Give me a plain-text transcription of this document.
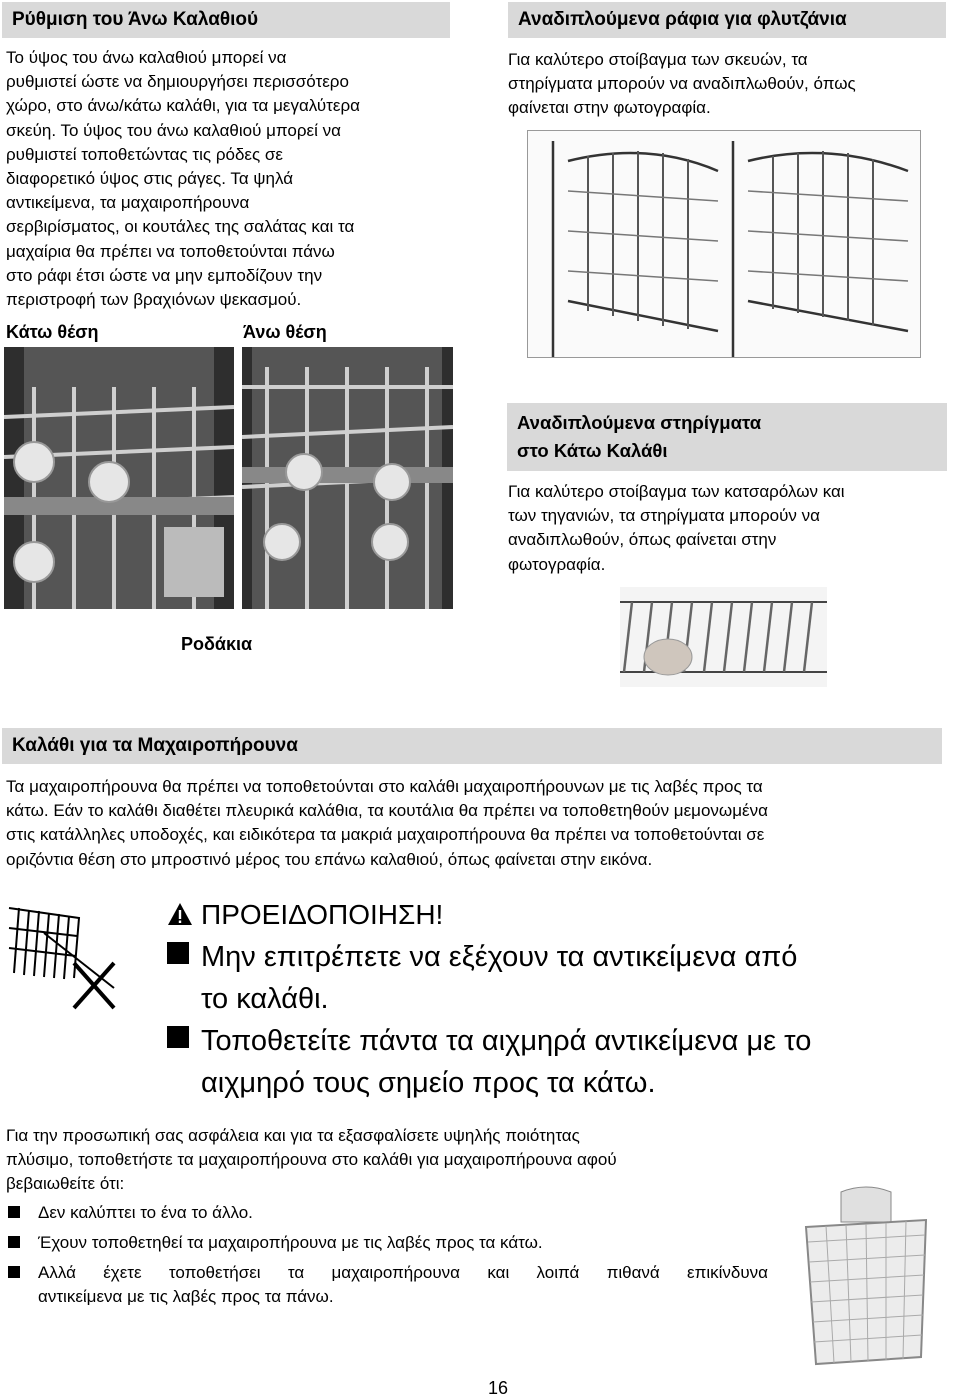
Ρύθμιση του Άνω Καλαθιού
Το ύψος του άνω καλαθιού μπορεί να
ρυθμιστεί ώστε να δημιουργήσει περισσότερο
χώρο, στο άνω/κάτω καλάθι, για τα μεγαλύτερα
σκεύη. Το ύψος του άνω καλαθιού μπορεί να
ρυθμιστεί τοποθετώντας τις ρόδες σε
διαφορετικό ύψος στις ράγες. Τα ψηλά
αντικείμενα, τα μαχαιροπήρουνα
σερβιρίσματος, οι κουτάλες της σαλάτας και τα
μαχαίρια θα πρέπει να τοποθετούνται πάνω
στο ράφι έτσι ώστε να μην εμποδίζουν την
περιστροφή των βραχιόνων ψεκασμού.
Κάτω θέση	Άνω θέση
Ροδάκια
Αναδιπλούμενα ράφια για φλυτζάνια
Για καλύτερο στοίβαγμα των σκευών, τα
στηρίγματα μπορούν να αναδιπλωθούν, όπως
φαίνεται στην φωτογραφία.
Αναδιπλούμενα στηρίγματα
στο Κάτω Καλάθι
Για καλύτερο στοίβαγμα των κατσαρόλων και
των τηγανιών, τα στηρίγματα μπορούν να
αναδιπλωθούν, όπως φαίνεται στην
φωτογραφία.
Καλάθι για τα Μαχαιροπήρουνα
Τα μαχαιροπήρουνα θα πρέπει να τοποθετούνται στο καλάθι μαχαιροπήρουνων με τις λαβές προς τα
κάτω. Εάν το καλάθι διαθέτει πλευρικά καλάθια, τα κουτάλια θα πρέπει να τοποθετηθούν μεμονωμένα
στις κατάλληλες υποδοχές, και ειδικότερα τα μακριά μαχαιροπήρουνα θα πρέπει να τοποθετούνται σε
οριζόντια θέση στο μπροστινό μέρος του επάνω καλαθιού, όπως φαίνεται στην εικόνα.
ΠΡΟΕΙΔΟΠΟΙΗΣΗ!
Μην επιτρέπετε να εξέχουν τα αντικείμενα από
το καλάθι.
Τοποθετείτε πάντα τα αιχμηρά αντικείμενα με το
αιχμηρό τους σημείο προς τα κάτω.
Για την προσωπική σας ασφάλεια και για τα εξασφαλίσετε υψηλής ποιότητας
πλύσιμο, τοποθετήστε τα μαχαιροπήρουνα στο καλάθι για μαχαιροπήρουνα αφού
βεβαιωθείτε ότι:
Δεν καλύπτει το ένα το άλλο.
Έχουν τοποθετηθεί τα μαχαιροπήρουνα με τις λαβές προς τα κάτω.
Αλλά έχετε τοποθετήσει τα μαχαιροπήρουνα και λοιπά πιθανά επικίνδυνα
αντικείμενα με τις λαβές προς τα πάνω.
16
